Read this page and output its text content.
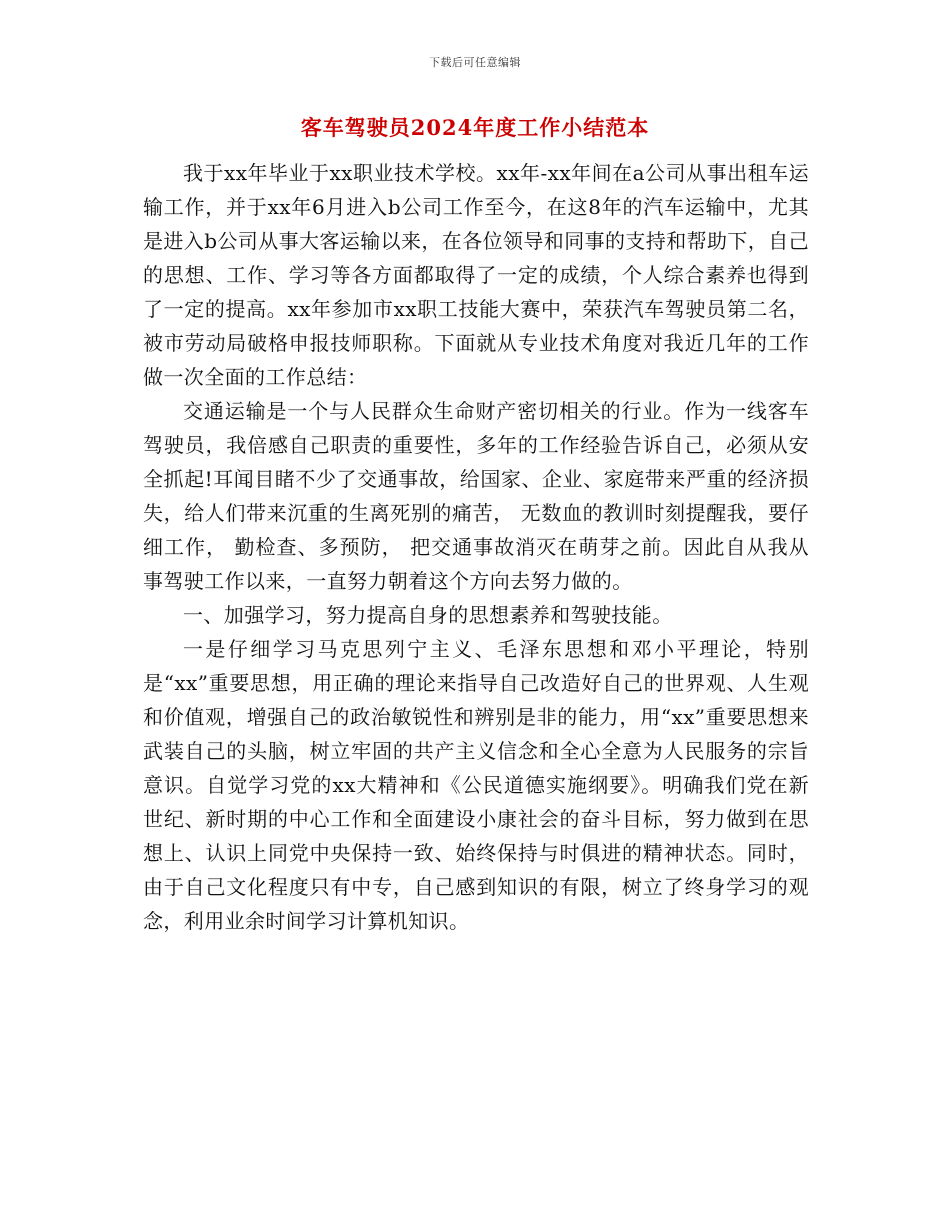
下载后可任意编辑
客车驾驶员2024年度工作小结范本

我于xx年毕业于xx职业技术学校。xx年-xx年间在a公司从事出租车运输工作，并于xx年6月进入b公司工作至今，在这8年的汽车运输中，尤其是进入b公司从事大客运输以来，在各位领导和同事的支持和帮助下，自己的思想、工作、学习等各方面都取得了一定的成绩，个人综合素养也得到了一定的提高。xx年参加市xx职工技能大赛中，荣获汽车驾驶员第二名，被市劳动局破格申报技师职称。下面就从专业技术角度对我近几年的工作做一次全面的工作总结：

交通运输是一个与人民群众生命财产密切相关的行业。作为一线客车驾驶员，我倍感自己职责的重要性，多年的工作经验告诉自己，必须从安全抓起!耳闻目睹不少了交通事故，给国家、企业、家庭带来严重的经济损失，给人们带来沉重的生离死别的痛苦， 无数血的教训时刻提醒我，要仔细工作， 勤检查、多预防， 把交通事故消灭在萌芽之前。因此自从我从事驾驶工作以来，一直努力朝着这个方向去努力做的。

一、加强学习，努力提高自身的思想素养和驾驶技能。

一是仔细学习马克思列宁主义、毛泽东思想和邓小平理论，特别是“xx”重要思想，用正确的理论来指导自己改造好自己的世界观、人生观和价值观，增强自己的政治敏锐性和辨别是非的能力，用“xx”重要思想来武装自己的头脑，树立牢固的共产主义信念和全心全意为人民服务的宗旨意识。自觉学习党的xx大精神和《公民道德实施纲要》。明确我们党在新世纪、新时期的中心工作和全面建设小康社会的奋斗目标，努力做到在思想上、认识上同党中央保持一致、始终保持与时俱进的精神状态。同时，由于自己文化程度只有中专，自己感到知识的有限，树立了终身学习的观念，利用业余时间学习计算机知识。
